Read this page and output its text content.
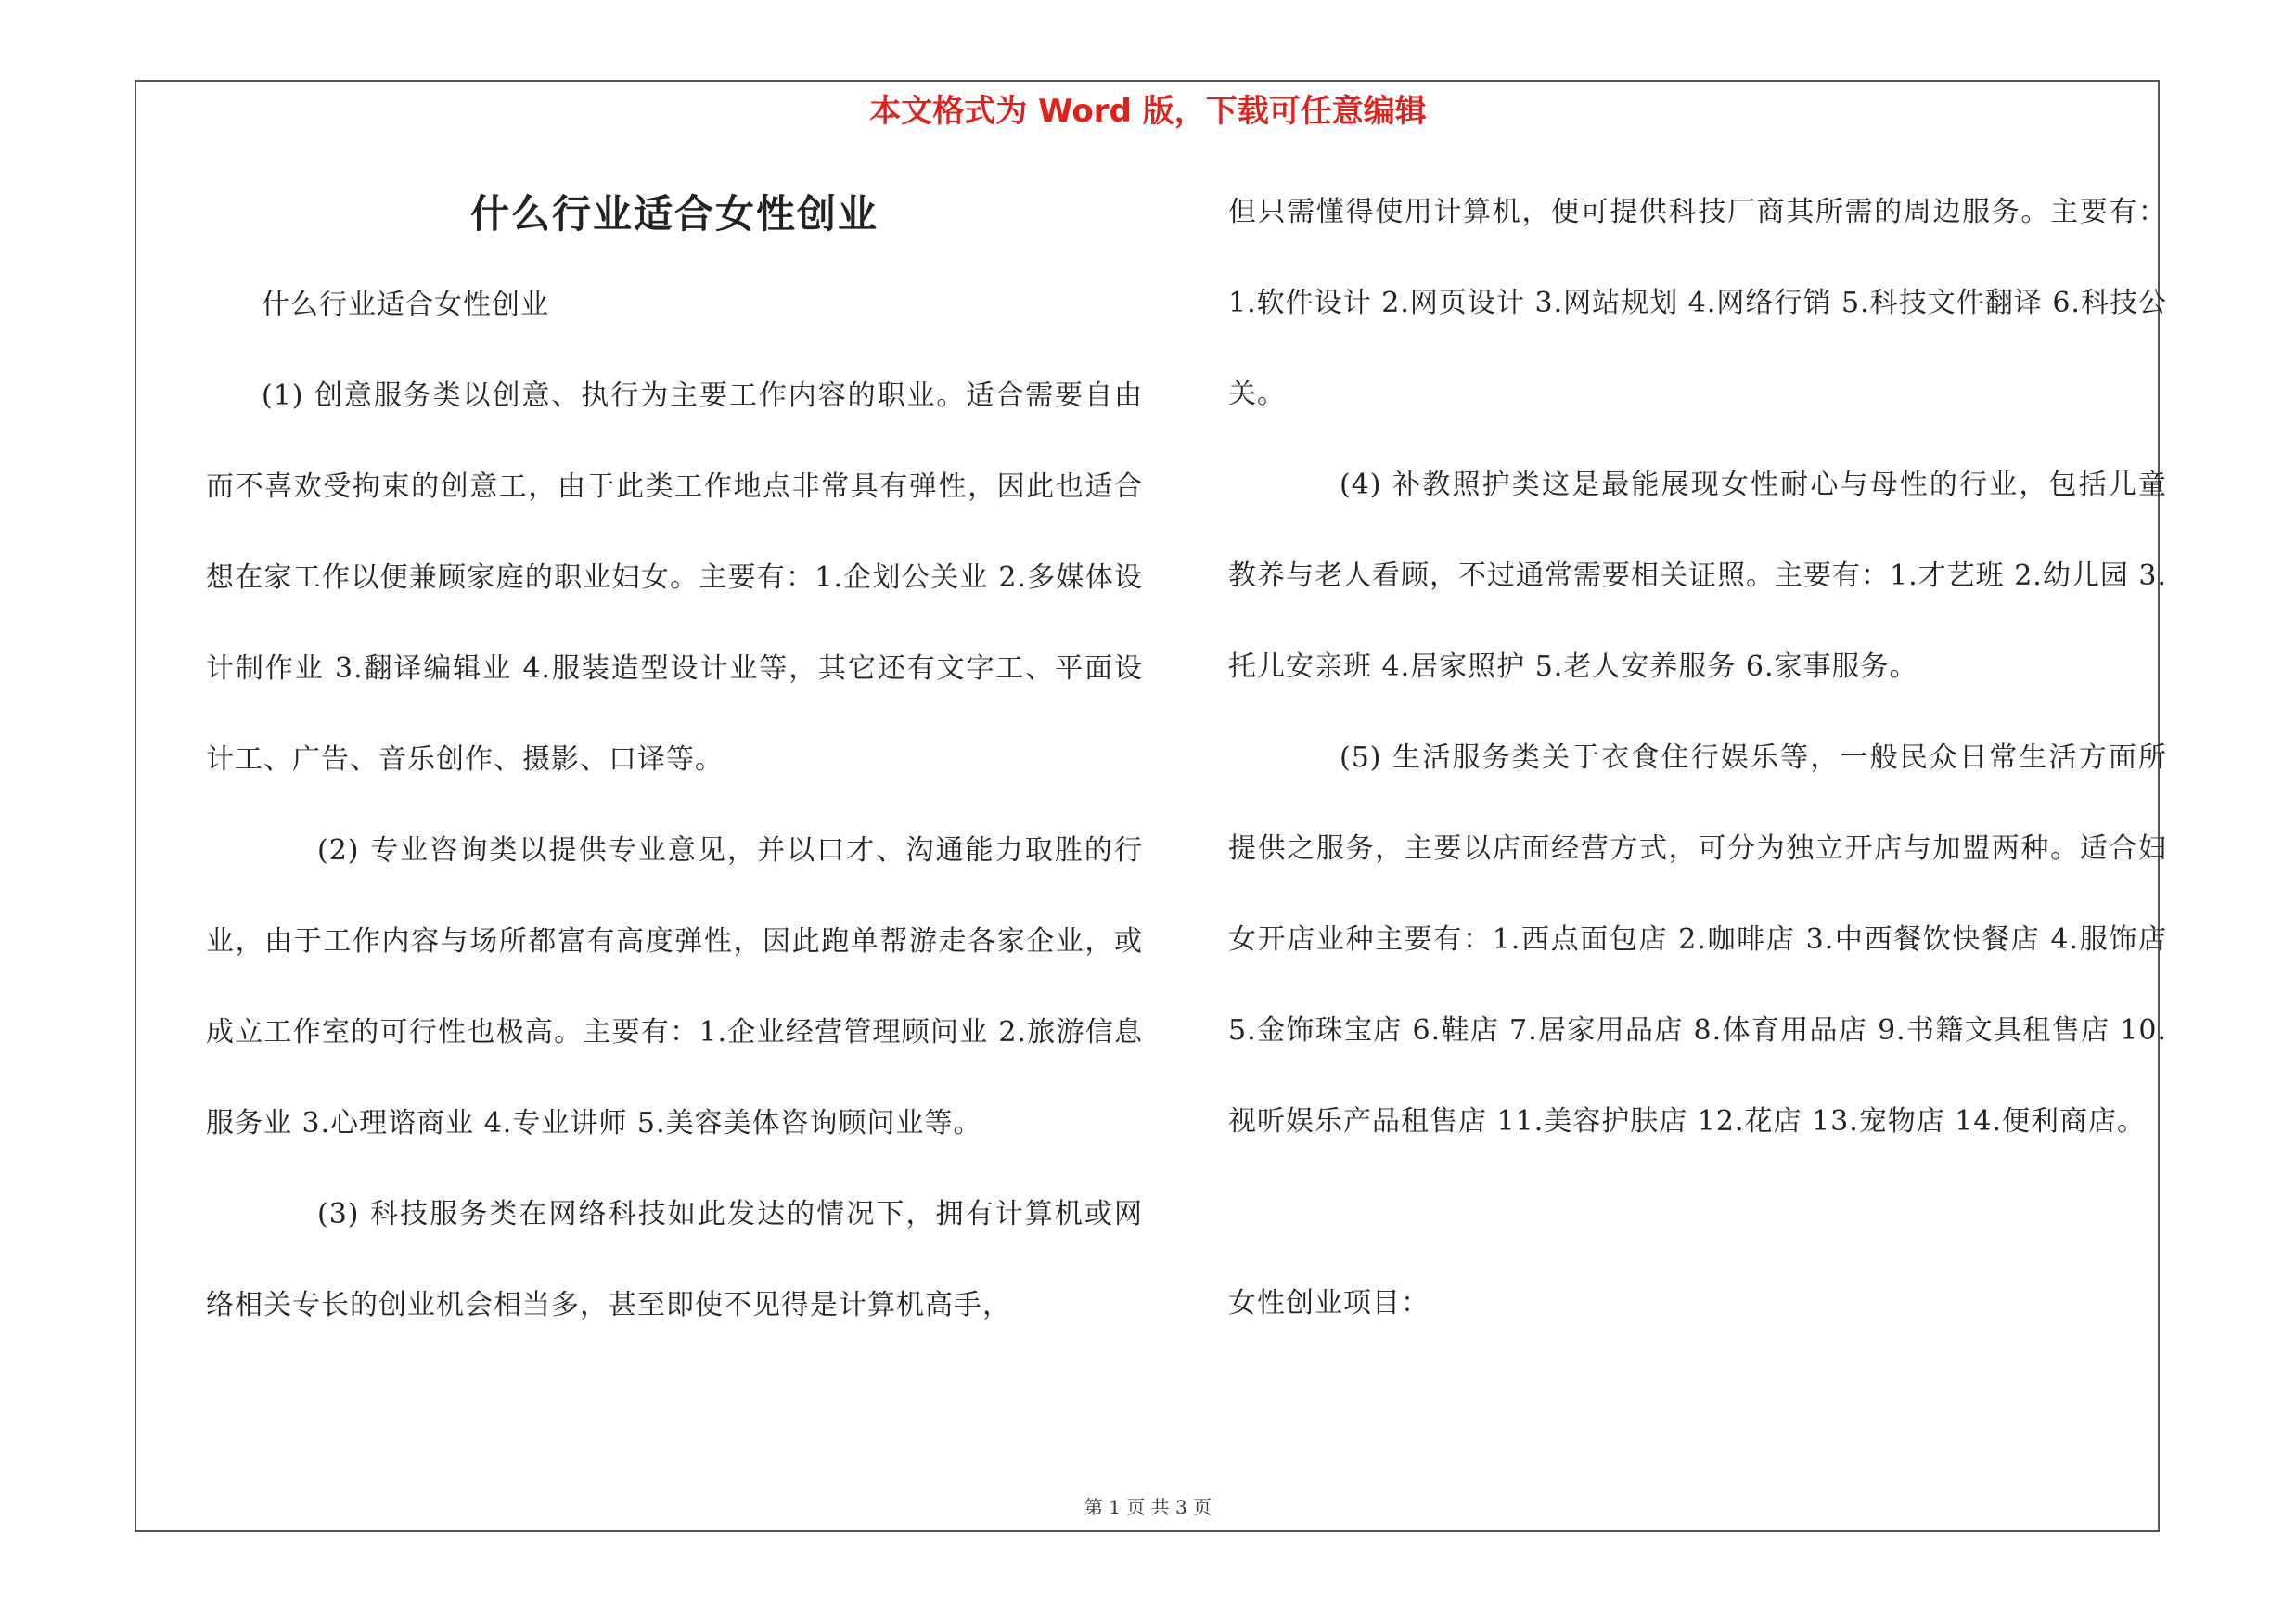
本文格式为 Word 版，下载可任意编辑
什么行业适合女性创业

什么行业适合女性创业

(1) 创意服务类以创意、执行为主要工作内容的职业。适合需要自由而不喜欢受拘束的创意工，由于此类工作地点非常具有弹性，因此也适合想在家工作以便兼顾家庭的职业妇女。主要有：1.企划公关业 2.多媒体设计制作业 3.翻译编辑业 4.服装造型设计业等，其它还有文字工、平面设计工、广告、音乐创作、摄影、口译等。

(2) 专业咨询类以提供专业意见，并以口才、沟通能力取胜的行业，由于工作内容与场所都富有高度弹性，因此跑单帮游走各家企业，或成立工作室的可行性也极高。主要有：1.企业经营管理顾问业 2.旅游信息服务业 3.心理谘商业 4.专业讲师 5.美容美体咨询顾问业等。

(3) 科技服务类在网络科技如此发达的情况下，拥有计算机或网络相关专长的创业机会相当多，甚至即使不见得是计算机高手，

但只需懂得使用计算机，便可提供科技厂商其所需的周边服务。主要有：1.软件设计 2.网页设计 3.网站规划 4.网络行销 5.科技文件翻译 6.科技公关。

(4) 补教照护类这是最能展现女性耐心与母性的行业，包括儿童教养与老人看顾，不过通常需要相关证照。主要有：1.才艺班 2.幼儿园 3.托儿安亲班 4.居家照护 5.老人安养服务 6.家事服务。

(5) 生活服务类关于衣食住行娱乐等，一般民众日常生活方面所提供之服务，主要以店面经营方式，可分为独立开店与加盟两种。适合妇女开店业种主要有：1.西点面包店 2.咖啡店 3.中西餐饮快餐店 4.服饰店 5.金饰珠宝店 6.鞋店 7.居家用品店 8.体育用品店 9.书籍文具租售店 10.视听娱乐产品租售店 11.美容护肤店 12.花店 13.宠物店 14.便利商店。

女性创业项目：

第 1 页 共 3 页
